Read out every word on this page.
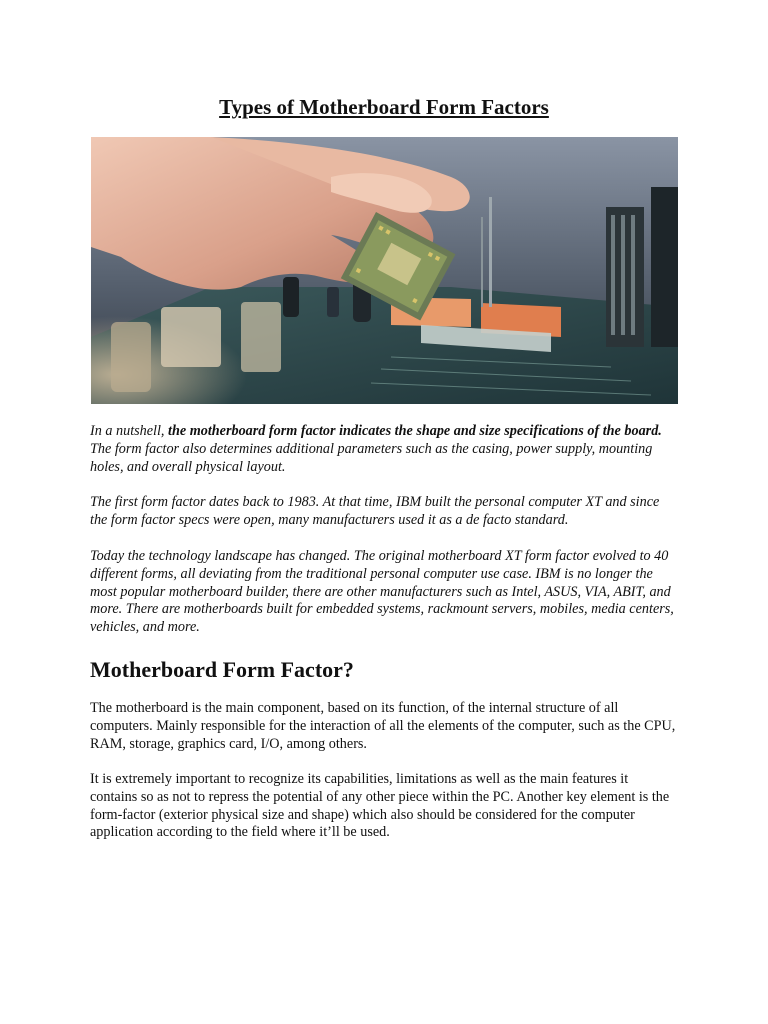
Types of Motherboard Form Factors

In a nutshell, the motherboard form factor indicates the shape and size specifications of the board. The form factor also determines additional parameters such as the casing, power supply, mounting holes, and overall physical layout.

The first form factor dates back to 1983. At that time, IBM built the personal computer XT and since the form factor specs were open, many manufacturers used it as a de facto standard.

Today the technology landscape has changed. The original motherboard XT form factor evolved to 40 different forms, all deviating from the traditional personal computer use case. IBM is no longer the most popular motherboard builder, there are other manufacturers such as Intel, ASUS, VIA, ABIT, and more. There are motherboards built for embedded systems, rackmount servers, mobiles, media centers, vehicles, and more.

Motherboard Form Factor?

The motherboard is the main component, based on its function, of the internal structure of all computers. Mainly responsible for the interaction of all the elements of the computer, such as the CPU, RAM, storage, graphics card, I/O, among others.

It is extremely important to recognize its capabilities, limitations as well as the main features it contains so as not to repress the potential of any other piece within the PC. Another key element is the form-factor (exterior physical size and shape) which also should be considered for the computer application according to the field where it’ll be used.
